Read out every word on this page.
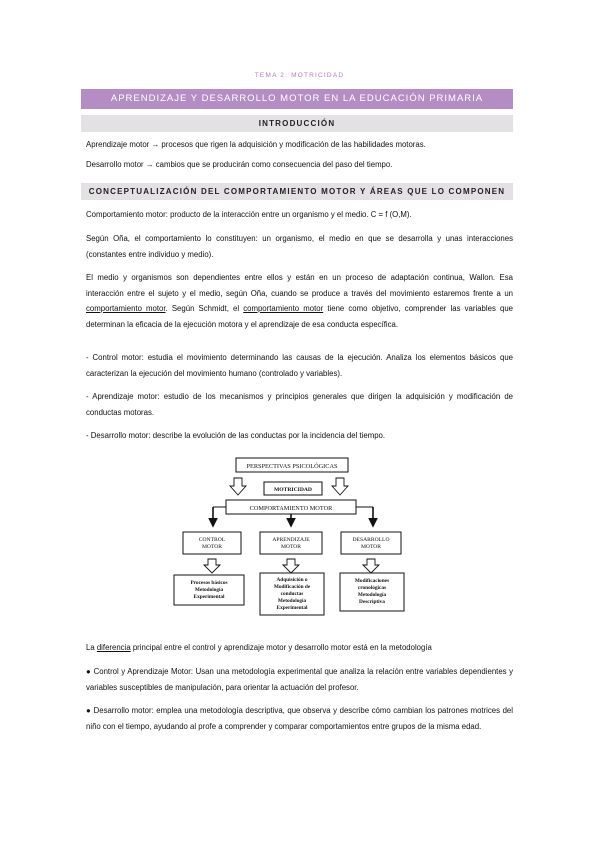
TEMA 2: MOTRICIDAD
APRENDIZAJE Y DESARROLLO MOTOR EN LA EDUCACIÓN PRIMARIA
INTRODUCCIÓN

Aprendizaje motor → procesos que rigen la adquisición y modificación de las habilidades motoras.

Desarrollo motor → cambios que se producirán como consecuencia del paso del tiempo.

CONCEPTUALIZACIÓN DEL COMPORTAMIENTO MOTOR Y ÁREAS QUE LO COMPONEN

Comportamiento motor: producto de la interacción entre un organismo y el medio. C = f (O,M).

Según Oña, el comportamiento lo constituyen: un organismo, el medio en que se desarrolla y unas interacciones (constantes entre individuo y medio).

El medio y organismos son dependientes entre ellos y están en un proceso de adaptación continua, Wallon. Esa interacción entre el sujeto y el medio, según Oña, cuando se produce a través del movimiento estaremos frente a un comportamiento motor. Según Schmidt, el comportamiento motor tiene como objetivo, comprender las variables que determinan la eficacia de la ejecución motora y el aprendizaje de esa conducta específica.

- Control motor: estudia el movimiento determinando las causas de la ejecución. Analiza los elementos básicos que caracterizan la ejecución del movimiento humano (controlado y variables).

- Aprendizaje motor: estudio de los mecanismos y principios generales que dirigen la adquisición y modificación de conductas motoras.

- Desarrollo motor: describe la evolución de las conductas por la incidencia del tiempo.

PERSPECTIVAS PSICOLÓGICAS
MOTRICIDAD
COMPORTAMIENTO MOTOR
CONTROL MOTOR
APRENDIZAJE MOTOR
DESARROLLO MOTOR
Procesos básicos Metodología Experimental
Adquisición o Modificación de conductas Metodología Experimental
Modificaciones cronológicas Metodología Descriptiva

La diferencia principal entre el control y aprendizaje motor y desarrollo motor está en la metodología

● Control y Aprendizaje Motor: Usan una metodología experimental que analiza la relación entre variables dependientes y variables susceptibles de manipulación, para orientar la actuación del profesor.

● Desarrollo motor: emplea una metodología descriptiva, que observa y describe cómo cambian los patrones motrices del niño con el tiempo, ayudando al profe a comprender y comparar comportamientos entre grupos de la misma edad.
